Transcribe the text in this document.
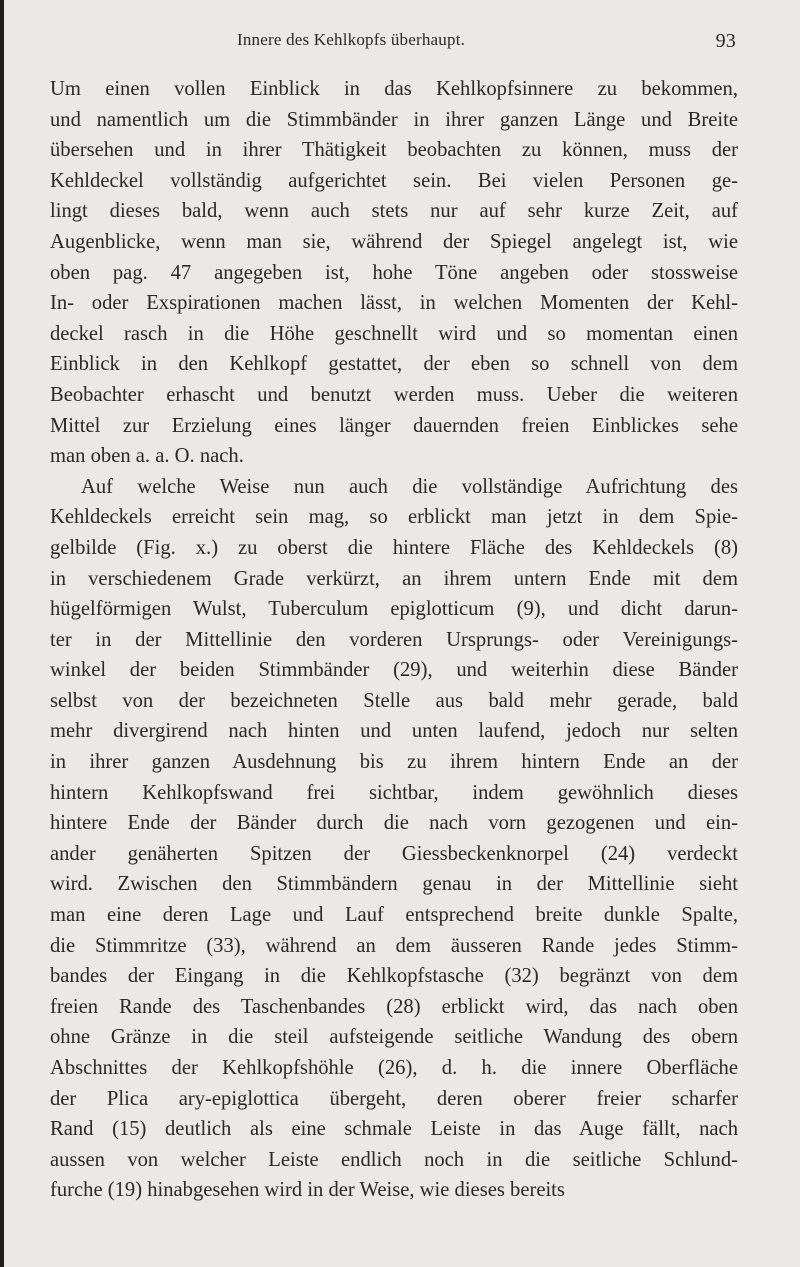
Innere des Kehlkopfs überhaupt.	93
Um einen vollen Einblick in das Kehlkopfsinnere zu bekommen,
und namentlich um die Stimmbänder in ihrer ganzen Länge und Breite
übersehen und in ihrer Thätigkeit beobachten zu können, muss der
Kehldeckel vollständig aufgerichtet sein. Bei vielen Personen ge-
lingt dieses bald, wenn auch stets nur auf sehr kurze Zeit, auf
Augenblicke, wenn man sie, während der Spiegel angelegt ist, wie
oben pag. 47 angegeben ist, hohe Töne angeben oder stossweise
In- oder Exspirationen machen lässt, in welchen Momenten der Kehl-
deckel rasch in die Höhe geschnellt wird und so momentan einen
Einblick in den Kehlkopf gestattet, der eben so schnell von dem
Beobachter erhascht und benutzt werden muss. Ueber die weiteren
Mittel zur Erzielung eines länger dauernden freien Einblickes sehe
man oben a. a. O. nach.
Auf welche Weise nun auch die vollständige Aufrichtung des
Kehldeckels erreicht sein mag, so erblickt man jetzt in dem Spie-
gelbilde (Fig. x.) zu oberst die hintere Fläche des Kehldeckels (8)
in verschiedenem Grade verkürzt, an ihrem untern Ende mit dem
hügelförmigen Wulst, Tuberculum epiglotticum (9), und dicht darun-
ter in der Mittellinie den vorderen Ursprungs- oder Vereinigungs-
winkel der beiden Stimmbänder (29), und weiterhin diese Bänder
selbst von der bezeichneten Stelle aus bald mehr gerade, bald
mehr divergirend nach hinten und unten laufend, jedoch nur selten
in ihrer ganzen Ausdehnung bis zu ihrem hintern Ende an der
hintern Kehlkopfswand frei sichtbar, indem gewöhnlich dieses
hintere Ende der Bänder durch die nach vorn gezogenen und ein-
ander genäherten Spitzen der Giessbeckenknorpel (24) verdeckt
wird. Zwischen den Stimmbändern genau in der Mittellinie sieht
man eine deren Lage und Lauf entsprechend breite dunkle Spalte,
die Stimmritze (33), während an dem äusseren Rande jedes Stimm-
bandes der Eingang in die Kehlkopfstasche (32) begränzt von dem
freien Rande des Taschenbandes (28) erblickt wird, das nach oben
ohne Gränze in die steil aufsteigende seitliche Wandung des obern
Abschnittes der Kehlkopfshöhle (26), d. h. die innere Oberfläche
der Plica ary-epiglottica übergeht, deren oberer freier scharfer
Rand (15) deutlich als eine schmale Leiste in das Auge fällt, nach
aussen von welcher Leiste endlich noch in die seitliche Schlund-
furche (19) hinabgesehen wird in der Weise, wie dieses bereits
